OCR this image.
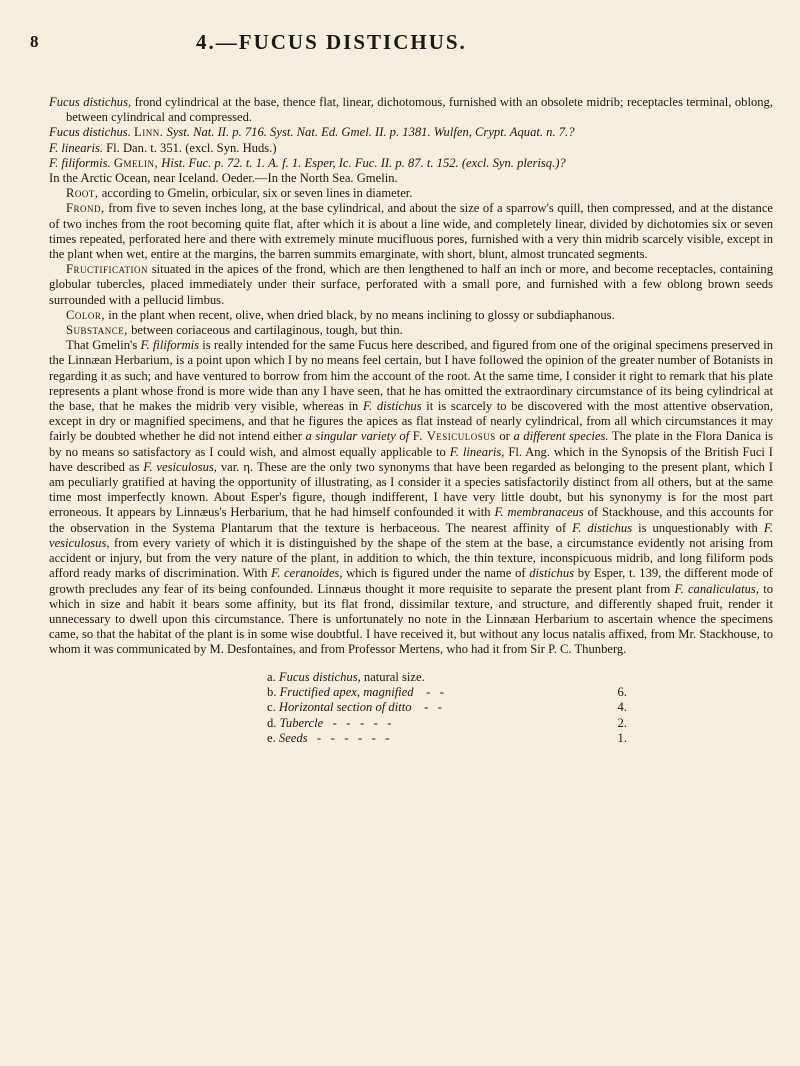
8	4.—FUCUS DISTICHUS.

Fucus distichus, frond cylindrical at the base, thence flat, linear, dichotomous, furnished with an obsolete midrib; receptacles terminal, oblong, between cylindrical and compressed.

Fucus distichus. Linn. Syst. Nat. II. p. 716. Syst. Nat. Ed. Gmel. II. p. 1381. Wulfen, Crypt. Aquat. n. 7.?

F. linearis. Fl. Dan. t. 351. (excl. Syn. Huds.)

F. filiformis. Gmelin, Hist. Fuc. p. 72. t. 1. A. f. 1. Esper, Ic. Fuc. II. p. 87. t. 152. (excl. Syn. plerisq.)?

In the Arctic Ocean, near Iceland. Oeder.—In the North Sea. Gmelin.

Root, according to Gmelin, orbicular, six or seven lines in diameter.

Frond, from five to seven inches long, at the base cylindrical, and about the size of a sparrow's quill, then compressed, and at the distance of two inches from the root becoming quite flat, after which it is about a line wide, and completely linear, divided by dichotomies six or seven times repeated, perforated here and there with extremely minute mucifluous pores, furnished with a very thin midrib scarcely visible, except in the plant when wet, entire at the margins, the barren summits emarginate, with short, blunt, almost truncated segments.

Fructification situated in the apices of the frond, which are then lengthened to half an inch or more, and become receptacles, containing globular tubercles, placed immediately under their surface, perforated with a small pore, and furnished with a few oblong brown seeds surrounded with a pellucid limbus.

Color, in the plant when recent, olive, when dried black, by no means inclining to glossy or subdiaphanous.

Substance, between coriaceous and cartilaginous, tough, but thin.

That Gmelin's F. filiformis is really intended for the same Fucus here described, and figured from one of the original specimens preserved in the Linnæan Herbarium, is a point upon which I by no means feel certain, but I have followed the opinion of the greater number of Botanists in regarding it as such; and have ventured to borrow from him the account of the root. At the same time, I consider it right to remark that his plate represents a plant whose frond is more wide than any I have seen, that he has omitted the extraordinary circumstance of its being cylindrical at the base, that he makes the midrib very visible, whereas in F. distichus it is scarcely to be discovered with the most attentive observation, except in dry or magnified specimens, and that he figures the apices as flat instead of nearly cylindrical, from all which circumstances it may fairly be doubted whether he did not intend either a singular variety of F. Vesiculosus or a different species. The plate in the Flora Danica is by no means so satisfactory as I could wish, and almost equally applicable to F. linearis, Fl. Ang. which in the Synopsis of the British Fuci I have described as F. vesiculosus, var. η. These are the only two synonyms that have been regarded as belonging to the present plant, which I am peculiarly gratified at having the opportunity of illustrating, as I consider it a species satisfactorily distinct from all others, but at the same time most imperfectly known. About Esper's figure, though indifferent, I have very little doubt, but his synonymy is for the most part erroneous. It appears by Linnæus's Herbarium, that he had himself confounded it with F. membranaceus of Stackhouse, and this accounts for the observation in the Systema Plantarum that the texture is herbaceous. The nearest affinity of F. distichus is unquestionably with F. vesiculosus, from every variety of which it is distinguished by the shape of the stem at the base, a circumstance evidently not arising from accident or injury, but from the very nature of the plant, in addition to which, the thin texture, inconspicuous midrib, and long filiform pods afford ready marks of discrimination. With F. ceranoides, which is figured under the name of distichus by Esper, t. 139, the different mode of growth precludes any fear of its being confounded. Linnæus thought it more requisite to separate the present plant from F. canaliculatus, to which in size and habit it bears some affinity, but its flat frond, dissimilar texture, and structure, and differently shaped fruit, render it unnecessary to dwell upon this circumstance. There is unfortunately no note in the Linnæan Herbarium to ascertain whence the specimens came, so that the habitat of the plant is in some wise doubtful. I have received it, but without any locus natalis affixed, from Mr. Stackhouse, to whom it was communicated by M. Desfontaines, and from Professor Mertens, who had it from Sir P. C. Thunberg.

a. Fucus distichus, natural size.
b. Fructified apex, magnified    -   -	6.
c. Horizontal section of ditto    -   -	4.
d. Tubercle   -   -   -   -   -	2.
e. Seeds   -   -   -   -   -   -	1.
